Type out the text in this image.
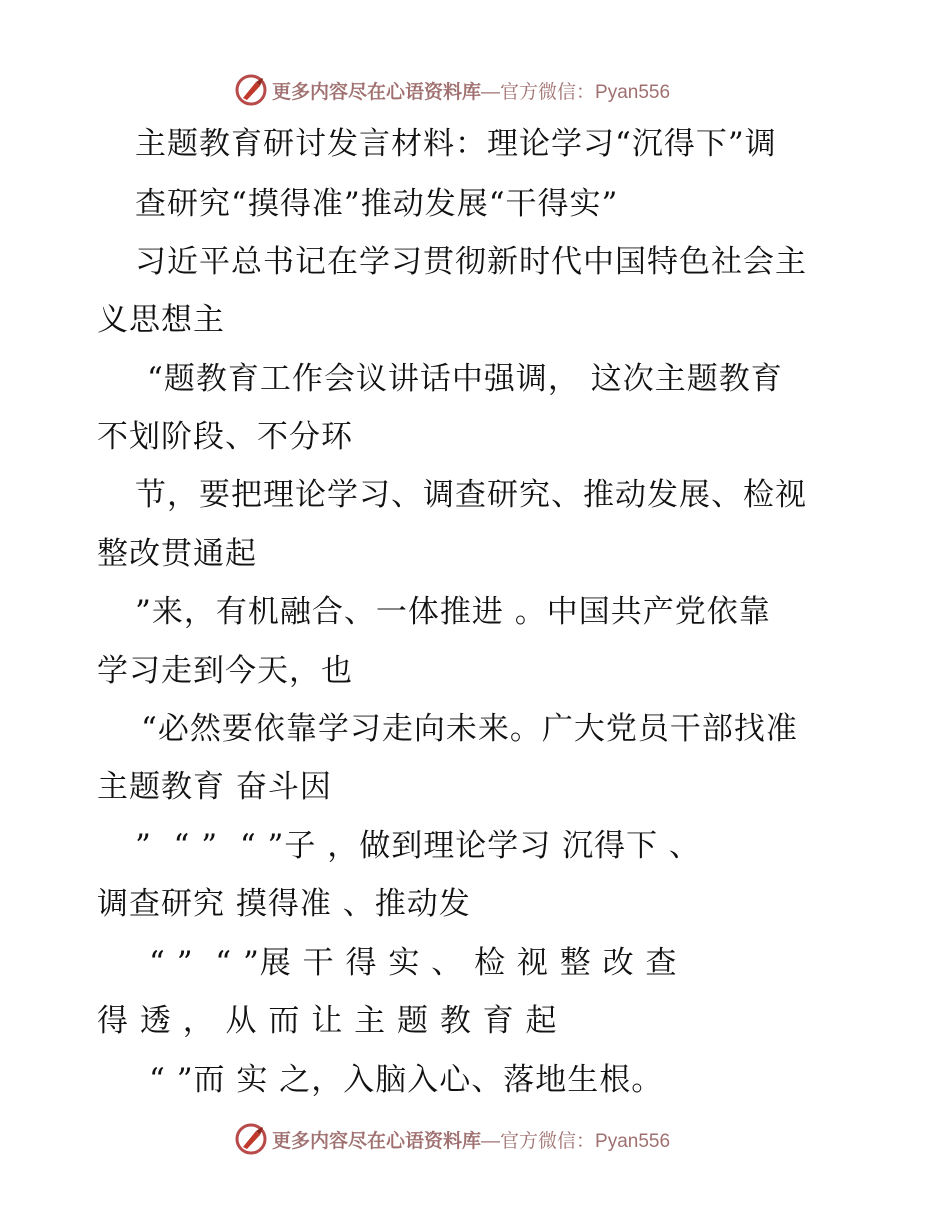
更多内容尽在心语资料库 —官方微信：Pyan556
主题教育研讨发言材料：理论学习“沉得下”调
查研究“摸得准”推动发展“干得实”
习近平总书记在学习贯彻新时代中国特色社会主
义思想主
“题教育工作会议讲话中强调， 这次主题教育
不划阶段、不分环
节，要把理论学习、调查研究、推动发展、检视
整改贯通起
”来，有机融合、一体推进 。中国共产党依靠
学习走到今天，也
“必然要依靠学习走向未来。广大党员干部找准
主题教育 奋斗因
”  “ ”  “ ”子 ，做到理论学习 沉得下 、
调查研究 摸得准 、推动发
“ ”  “ ”展 干 得 实 、 检 视 整 改 查
得 透 ， 从 而 让 主 题 教 育 起
“ ”而 实 之，入脑入心、落地生根。
更多内容尽在心语资料库 —官方微信：Pyan556
